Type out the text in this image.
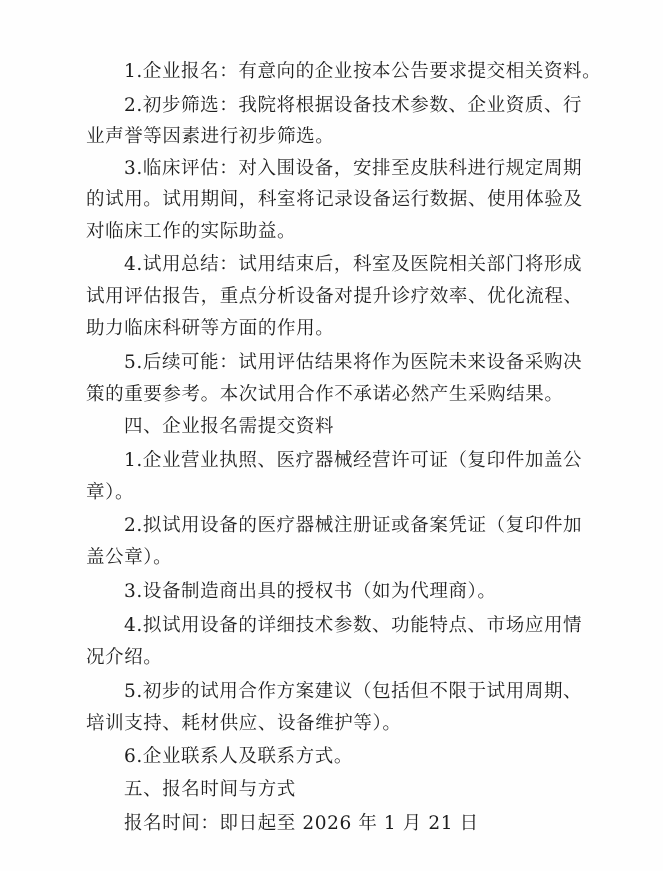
1.企业报名：有意向的企业按本公告要求提交相关资料。
2.初步筛选：我院将根据设备技术参数、企业资质、行
业声誉等因素进行初步筛选。
3.临床评估：对入围设备，安排至皮肤科进行规定周期
的试用。试用期间，科室将记录设备运行数据、使用体验及
对临床工作的实际助益。
4.试用总结：试用结束后，科室及医院相关部门将形成
试用评估报告，重点分析设备对提升诊疗效率、优化流程、
助力临床科研等方面的作用。
5.后续可能：试用评估结果将作为医院未来设备采购决
策的重要参考。本次试用合作不承诺必然产生采购结果。
四、企业报名需提交资料
1.企业营业执照、医疗器械经营许可证（复印件加盖公
章）。
2.拟试用设备的医疗器械注册证或备案凭证（复印件加
盖公章）。
3.设备制造商出具的授权书（如为代理商）。
4.拟试用设备的详细技术参数、功能特点、市场应用情
况介绍。
5.初步的试用合作方案建议（包括但不限于试用周期、
培训支持、耗材供应、设备维护等）。
6.企业联系人及联系方式。
五、报名时间与方式
报名时间：即日起至 2026 年 1 月 21 日
